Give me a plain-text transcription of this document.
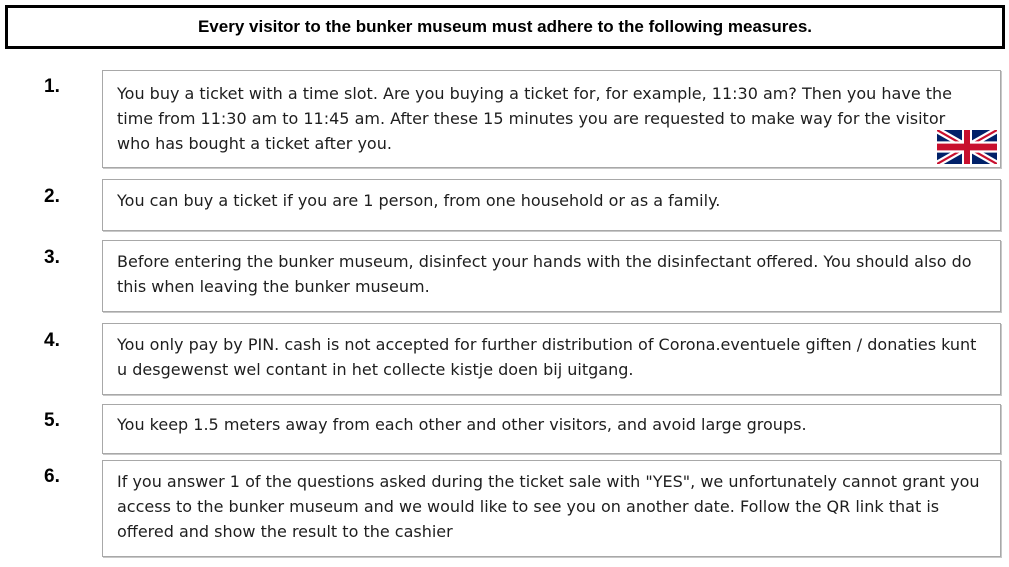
Every visitor to the bunker museum must adhere to the following measures.
1.	You buy a ticket with a time slot. Are you buying a ticket for, for example, 11:30 am? Then you have the time from 11:30 am to 11:45 am. After these 15 minutes you are requested to make way for the visitor who has bought a ticket after you.
2.	You can buy a ticket if you are 1 person, from one household or as a family.
3.	Before entering the bunker museum, disinfect your hands with the disinfectant offered. You should also do this when leaving the bunker museum.
4.	You only pay by PIN. cash is not accepted for further distribution of Corona.eventuele giften / donaties kunt u desgewenst wel contant in het collecte kistje doen bij uitgang.
5.	You keep 1.5 meters away from each other and other visitors, and avoid large groups.
6.	If you answer 1 of the questions asked during the ticket sale with "YES", we unfortunately cannot grant you access to the bunker museum and we would like to see you on another date. Follow the QR link that is offered and show the result to the cashier
